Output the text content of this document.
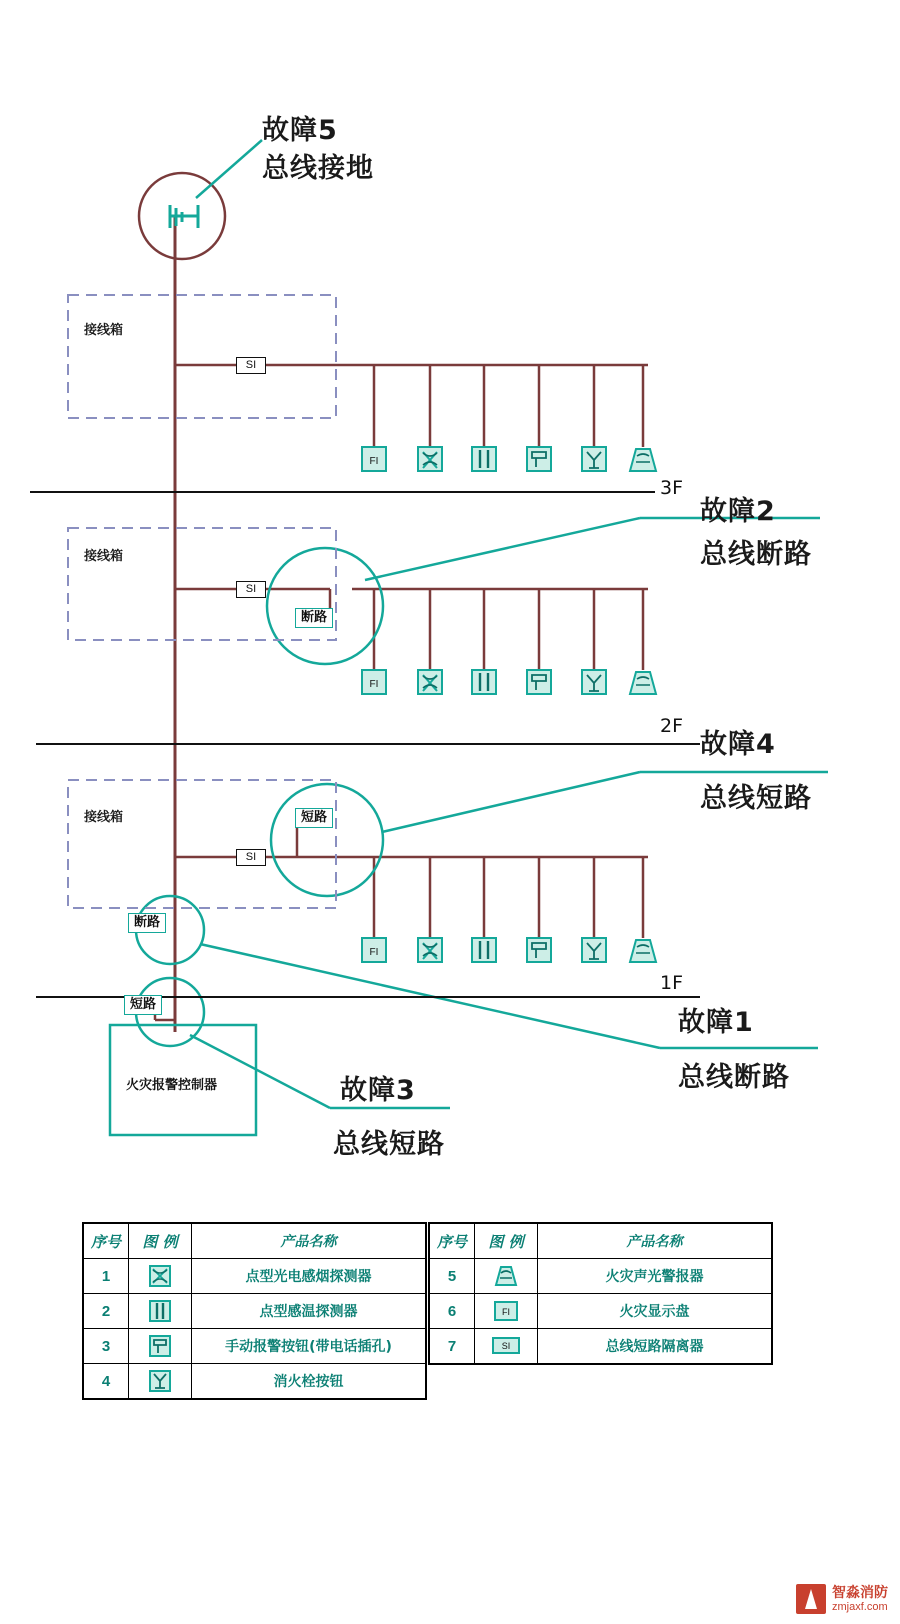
故障5
总线接地
故障2
总线断路
故障4
总线短路
故障1
总线断路
故障3
总线短路
接线箱
接线箱
接线箱
3F
2F
1F
断路
短路
断路
短路
SI
SI
SI
火灾报警控制器
FI
FI
FI
序号	图 例	产品名称
1		点型光电感烟探测器
2		点型感温探测器
3		手动报警按钮(带电话插孔)
4		消火栓按钮
序号	图 例	产品名称
5		火灾声光警报器
6	FI	火灾显示盘
7	SI	总线短路隔离器
智淼消防
zmjaxf.com
